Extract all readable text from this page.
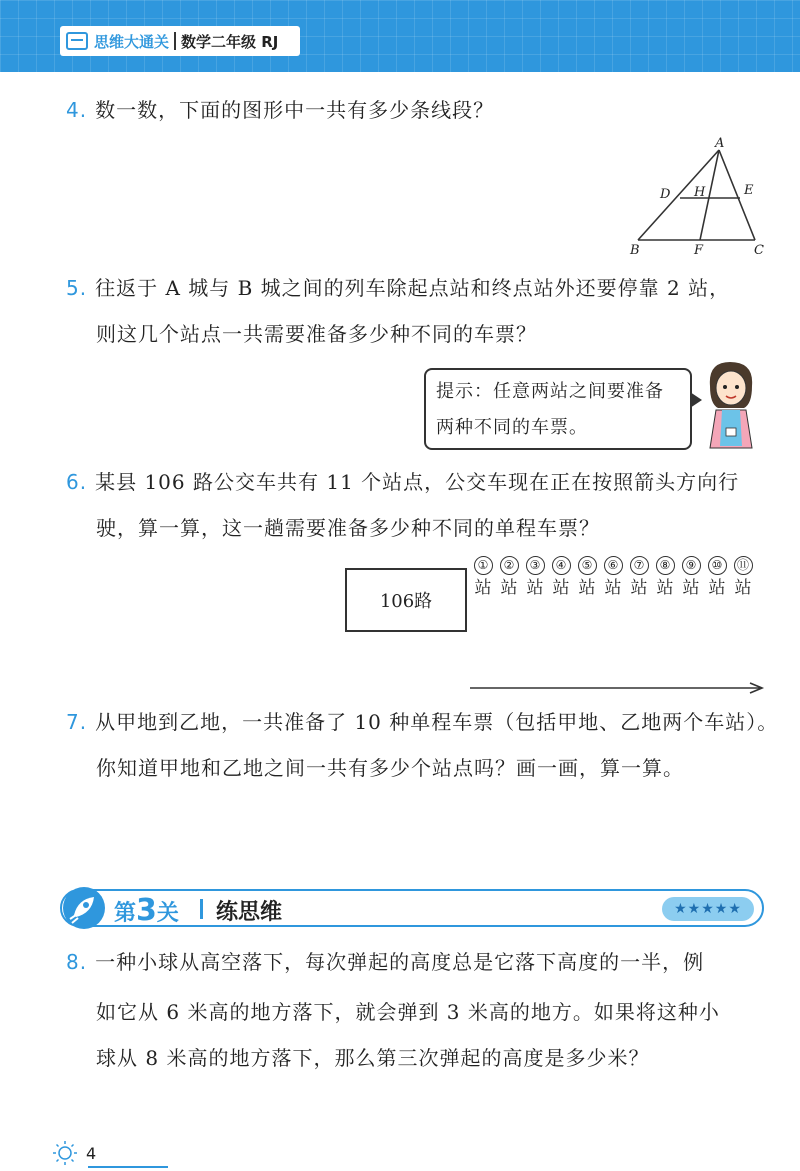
思维大通关 数学二年级 RJ
4. 数一数，下面的图形中一共有多少条线段？
A
D H	E
B	F	C
5. 往返于 A 城与 B 城之间的列车除起点站和终点站外还要停靠 2 站，
则这几个站点一共需要准备多少种不同的车票？
提示：任意两站之间要准备
两种不同的车票。
6. 某县 106 路公交车共有 11 个站点，公交车现在正在按照箭头方向行
驶，算一算，这一趟需要准备多少种不同的单程车票？
106路
①
站
②
站
③
站
④
站
⑤
站
⑥
站
⑦
站
⑧
站
⑨
站
⑩
站
⑪
站
7. 从甲地到乙地，一共准备了 10 种单程车票（包括甲地、乙地两个车站）。
你知道甲地和乙地之间一共有多少个站点吗？画一画，算一算。
第3关 练思维	★★★★★
8. 一种小球从高空落下，每次弹起的高度总是它落下高度的一半，例
如它从 6 米高的地方落下，就会弹到 3 米高的地方。如果将这种小
球从 8 米高的地方落下，那么第三次弹起的高度是多少米？
4
